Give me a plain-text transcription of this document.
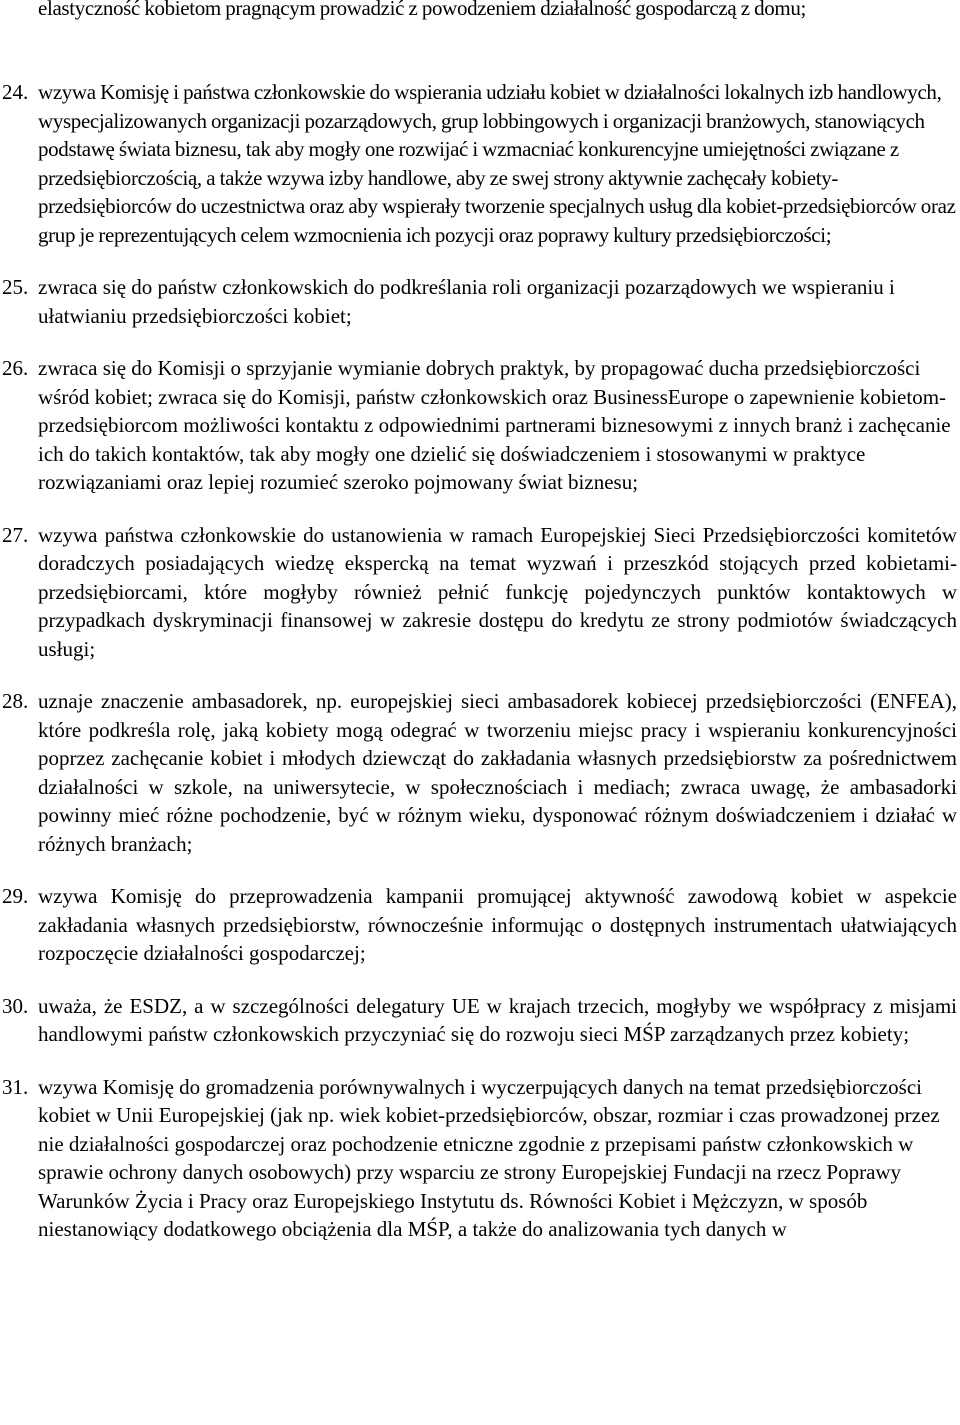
elastyczność kobietom pragnącym prowadzić z powodzeniem działalność gospodarczą z domu;

24. wzywa Komisję i państwa członkowskie do wspierania udziału kobiet w działalności lokalnych izb handlowych, wyspecjalizowanych organizacji pozarządowych, grup lobbingowych i organizacji branżowych, stanowiących podstawę świata biznesu, tak aby mogły one rozwijać i wzmacniać konkurencyjne umiejętności związane z przedsiębiorczością, a także wzywa izby handlowe, aby ze swej strony aktywnie zachęcały kobiety-przedsiębiorców do uczestnictwa oraz aby wspierały tworzenie specjalnych usług dla kobiet-przedsiębiorców oraz grup je reprezentujących celem wzmocnienia ich pozycji oraz poprawy kultury przedsiębiorczości;

25. zwraca się do państw członkowskich do podkreślania roli organizacji pozarządowych we wspieraniu i ułatwianiu przedsiębiorczości kobiet;

26. zwraca się do Komisji o sprzyjanie wymianie dobrych praktyk, by propagować ducha przedsiębiorczości wśród kobiet; zwraca się do Komisji, państw członkowskich oraz BusinessEurope o zapewnienie kobietom-przedsiębiorcom możliwości kontaktu z odpowiednimi partnerami biznesowymi z innych branż i zachęcanie ich do takich kontaktów, tak aby mogły one dzielić się doświadczeniem i stosowanymi w praktyce rozwiązaniami oraz lepiej rozumieć szeroko pojmowany świat biznesu;

27. wzywa państwa członkowskie do ustanowienia w ramach Europejskiej Sieci Przedsiębiorczości komitetów doradczych posiadających wiedzę ekspercką na temat wyzwań i przeszkód stojących przed kobietami-przedsiębiorcami, które mogłyby również pełnić funkcję pojedynczych punktów kontaktowych w przypadkach dyskryminacji finansowej w zakresie dostępu do kredytu ze strony podmiotów świadczących usługi;

28. uznaje znaczenie ambasadorek, np. europejskiej sieci ambasadorek kobiecej przedsiębiorczości (ENFEA), które podkreśla rolę, jaką kobiety mogą odegrać w tworzeniu miejsc pracy i wspieraniu konkurencyjności poprzez zachęcanie kobiet i młodych dziewcząt do zakładania własnych przedsiębiorstw za pośrednictwem działalności w szkole, na uniwersytecie, w społecznościach i mediach; zwraca uwagę, że ambasadorki powinny mieć różne pochodzenie, być w różnym wieku, dysponować różnym doświadczeniem i działać w różnych branżach;

29. wzywa Komisję do przeprowadzenia kampanii promującej aktywność zawodową kobiet w aspekcie zakładania własnych przedsiębiorstw, równocześnie informując o dostępnych instrumentach ułatwiających rozpoczęcie działalności gospodarczej;

30. uważa, że ESDZ, a w szczególności delegatury UE w krajach trzecich, mogłyby we współpracy z misjami handlowymi państw członkowskich przyczyniać się do rozwoju sieci MŚP zarządzanych przez kobiety;

31. wzywa Komisję do gromadzenia porównywalnych i wyczerpujących danych na temat przedsiębiorczości kobiet w Unii Europejskiej (jak np. wiek kobiet-przedsiębiorców, obszar, rozmiar i czas prowadzonej przez nie działalności gospodarczej oraz pochodzenie etniczne zgodnie z przepisami państw członkowskich w sprawie ochrony danych osobowych) przy wsparciu ze strony Europejskiej Fundacji na rzecz Poprawy Warunków Życia i Pracy oraz Europejskiego Instytutu ds. Równości Kobiet i Mężczyzn, w sposób niestanowiący dodatkowego obciążenia dla MŚP, a także do analizowania tych danych w
